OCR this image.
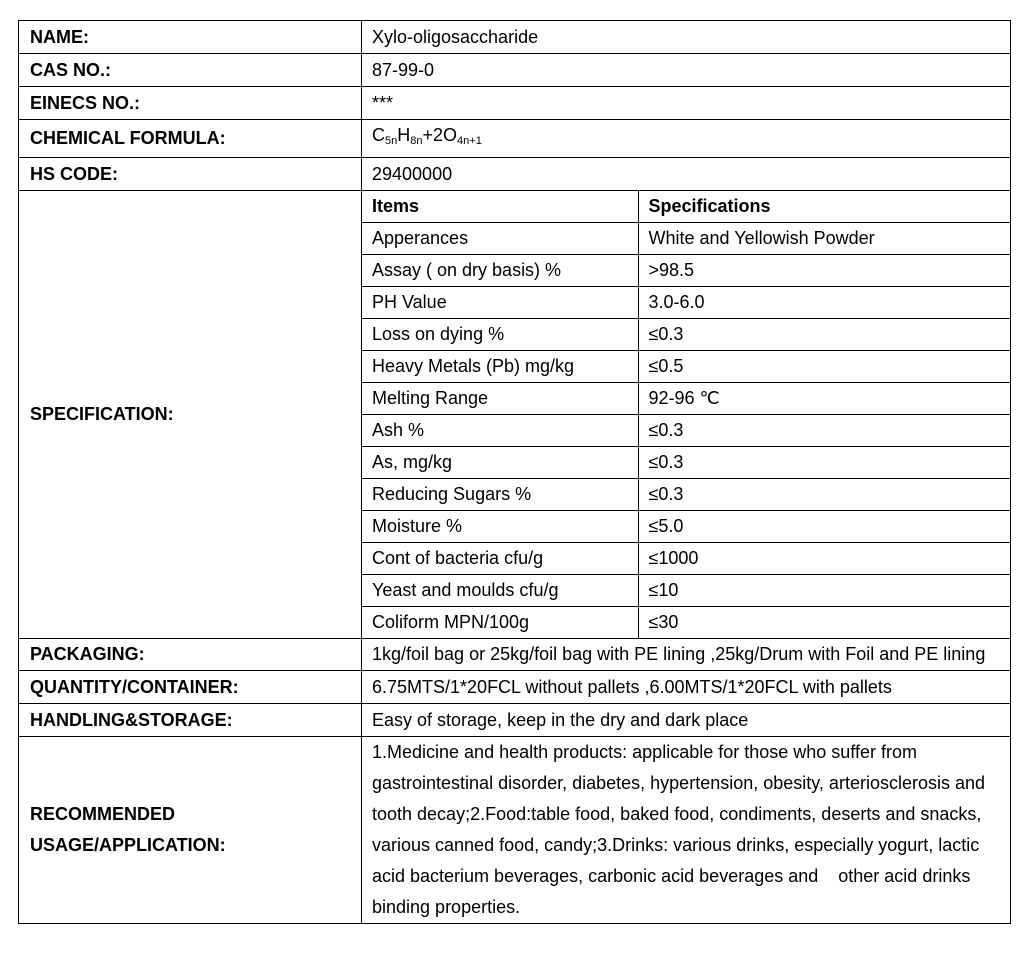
NAME:	Xylo-oligosaccharide
CAS NO.:	87-99-0
EINECS NO.:	***
CHEMICAL FORMULA:	$C_{5n}H_{8n}+2O_{4n+1}$
HS CODE:	29400000
SPECIFICATION:	
Items	Specifications
Apperances	White and Yellowish Powder
Assay ( on dry basis) %	>98.5
PH Value	3.0-6.0
Loss on dying %	≤0.3
Heavy Metals (Pb) mg/kg	≤0.5
Melting Range	92-96 ℃
Ash %	≤0.3
As, mg/kg	≤0.3
Reducing Sugars %	≤0.3
Moisture %	≤5.0
Cont of bacteria cfu/g	≤1000
Yeast and moulds cfu/g	≤10
Coliform MPN/100g	≤30

PACKAGING:	1kg/foil bag or 25kg/foil bag with PE lining ,25kg/Drum with Foil and PE lining
QUANTITY/CONTAINER:	6.75MTS/1*20FCL without pallets ,6.00MTS/1*20FCL with pallets
HANDLING&STORAGE:	Easy of storage, keep in the dry and dark place

RECOMMENDED
USAGE/APPLICATION:
	1.Medicine and health products: applicable for those who suffer from gastrointestinal disorder, diabetes, hypertension, obesity, arteriosclerosis and tooth decay;2.Food:table food, baked food, condiments, deserts and snacks, various canned food, candy;3.Drinks: various drinks, especially yogurt, lactic acid bacterium beverages, carbonic acid beverages and    other acid drinks binding properties.
